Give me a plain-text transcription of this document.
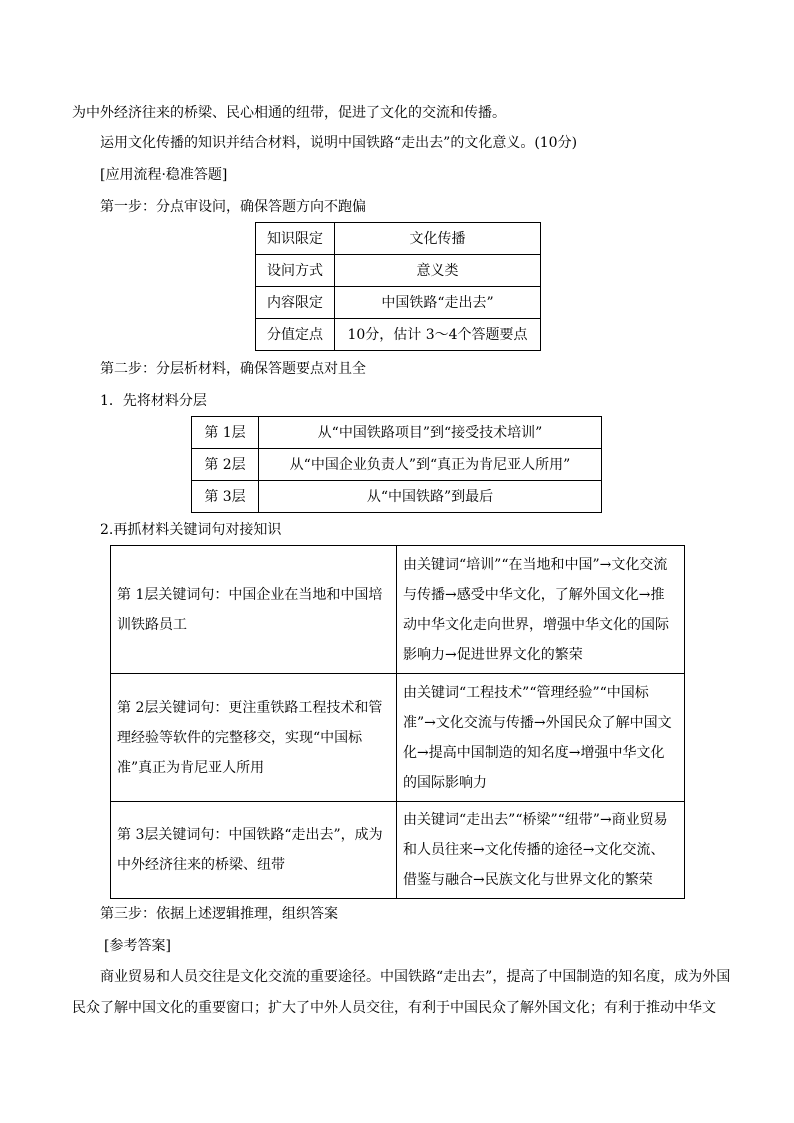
为中外经济往来的桥梁、民心相通的纽带，促进了文化的交流和传播。
运用文化传播的知识并结合材料，说明中国铁路“走出去”的文化意义。(10分)
[应用流程·稳准答题]
第一步：分点审设问，确保答题方向不跑偏
知识限定	文化传播
设问方式	意义类
内容限定	中国铁路“走出去”
分值定点	10分，估计 3～4个答题要点
第二步：分层析材料，确保答题要点对且全
1．先将材料分层
第 1层	从“中国铁路项目”到“接受技术培训”
第 2层	从“中国企业负责人”到“真正为肯尼亚人所用”
第 3层	从“中国铁路”到最后
2.再抓材料关键词句对接知识
第 1层关键词句：中国企业在当地和中国培训铁路员工	由关键词“培训”“在当地和中国”→文化交流与传播→感受中华文化，了解外国文化→推动中华文化走向世界，增强中华文化的国际影响力→促进世界文化的繁荣
第 2层关键词句：更注重铁路工程技术和管理经验等软件的完整移交，实现“中国标准”真正为肯尼亚人所用	由关键词“工程技术”“管理经验”“中国标准”→文化交流与传播→外国民众了解中国文化→提高中国制造的知名度→增强中华文化的国际影响力
第 3层关键词句：中国铁路“走出去”，成为中外经济往来的桥梁、纽带	由关键词“走出去”“桥梁”“纽带”→商业贸易和人员往来→文化传播的途径→文化交流、借鉴与融合→民族文化与世界文化的繁荣
第三步：依据上述逻辑推理，组织答案
[参考答案]
商业贸易和人员交往是文化交流的重要途径。中国铁路“走出去”，提高了中国制造的知名度，成为外国
民众了解中国文化的重要窗口；扩大了中外人员交往，有利于中国民众了解外国文化；有利于推动中华文
